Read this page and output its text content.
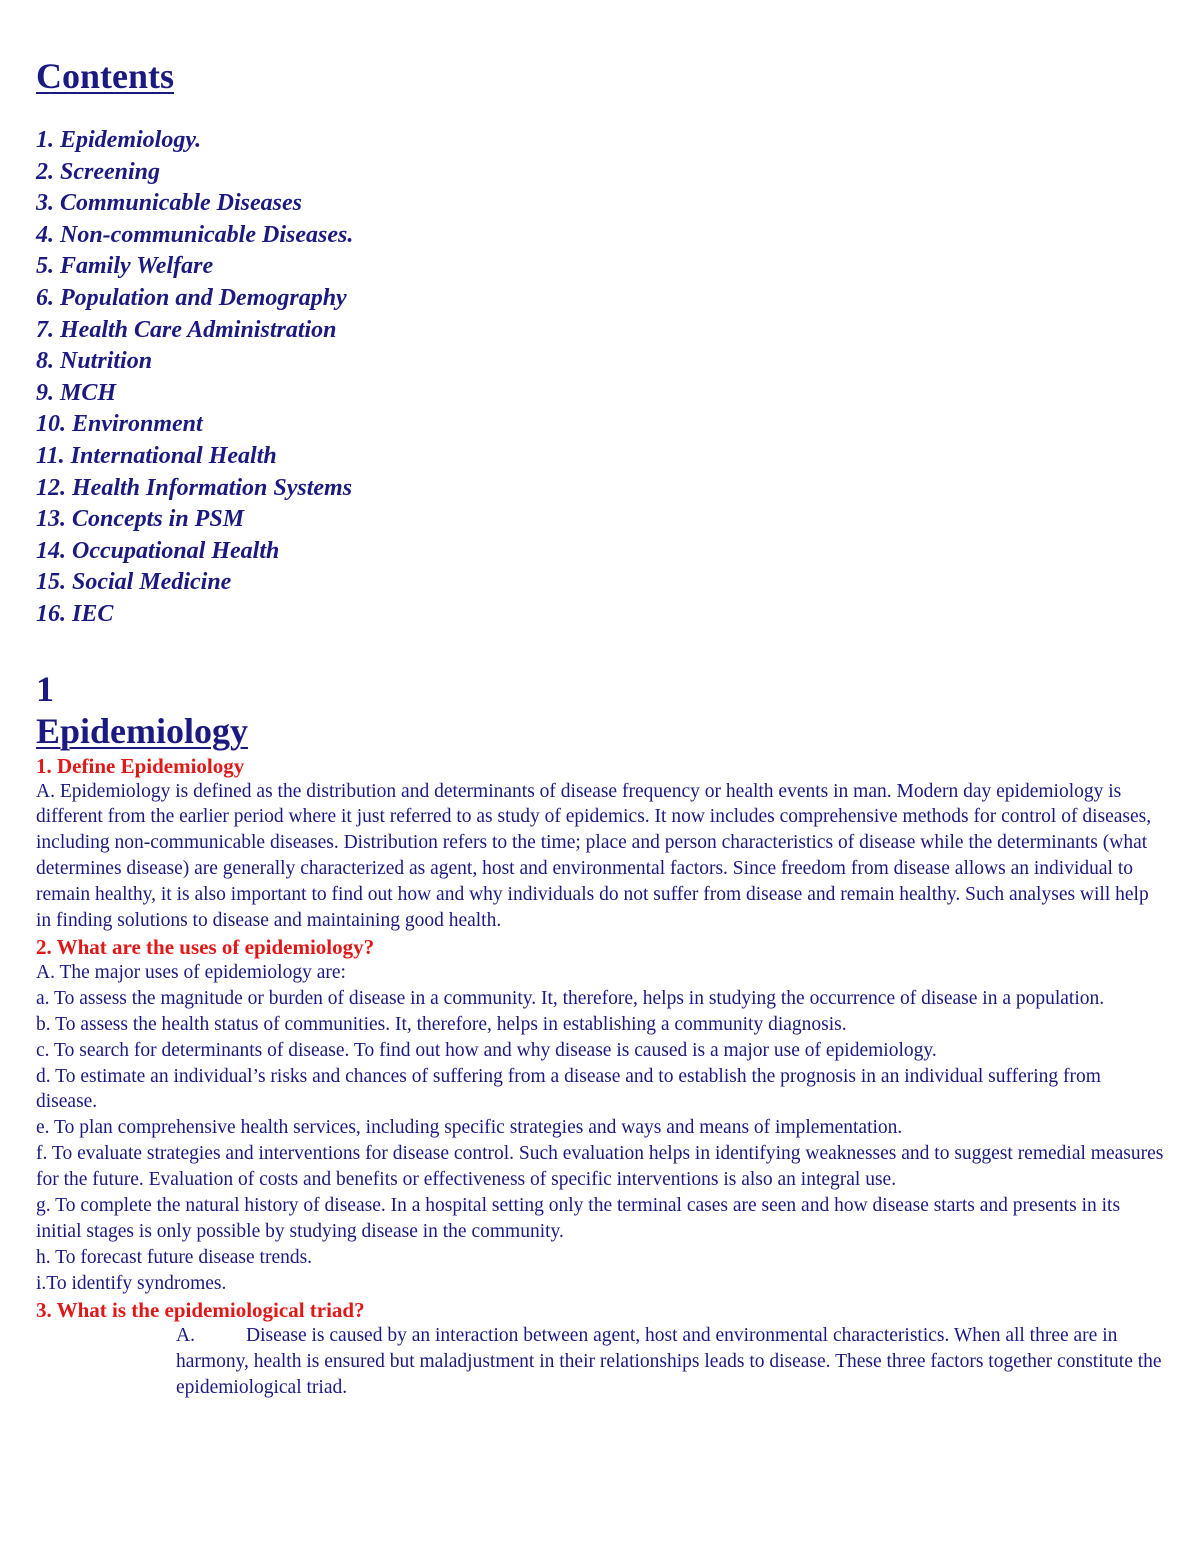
Contents
1. Epidemiology.
2. Screening
3. Communicable Diseases
4. Non-communicable Diseases.
5. Family Welfare
6. Population and Demography
7. Health Care Administration
8. Nutrition
9. MCH
10. Environment
11. International Health
12. Health Information Systems
13. Concepts in PSM
14. Occupational Health
15. Social Medicine
16. IEC
1
Epidemiology
1. Define Epidemiology

A. Epidemiology is defined as the distribution and determinants of disease frequency or health events in man. Modern day epidemiology is different from the earlier period where it just referred to as study of epidemics. It now includes comprehensive methods for control of diseases, including non-communicable diseases. Distribution refers to the time; place and person characteristics of disease while the determinants (what determines disease) are generally characterized as agent, host and environmental factors. Since freedom from disease allows an individual to remain healthy, it is also important to find out how and why individuals do not suffer from disease and remain healthy. Such analyses will help in finding solutions to disease and maintaining good health.

2. What are the uses of epidemiology?

A. The major uses of epidemiology are:

a. To assess the magnitude or burden of disease in a community. It, therefore, helps in studying the occurrence of disease in a population.

b. To assess the health status of communities. It, therefore, helps in establishing a community diagnosis.

c. To search for determinants of disease. To find out how and why disease is caused is a major use of epidemiology.

d. To estimate an individual’s risks and chances of suffering from a disease and to establish the prognosis in an individual suffering from disease.

e. To plan comprehensive health services, including specific strategies and ways and means of implementation.

f. To evaluate strategies and interventions for disease control. Such evaluation helps in identifying weaknesses and to suggest remedial measures for the future. Evaluation of costs and benefits or effectiveness of specific interventions is also an integral use.

g. To complete the natural history of disease. In a hospital setting only the terminal cases are seen and how disease starts and presents in its initial stages is only possible by studying disease in the community.

h. To forecast future disease trends.

i.To identify syndromes.

3. What is the epidemiological triad?

A.	Disease is caused by an interaction between agent, host and environmental characteristics. When all three are in harmony, health is ensured but maladjustment in their relationships leads to disease. These three factors together constitute the epidemiological triad.
